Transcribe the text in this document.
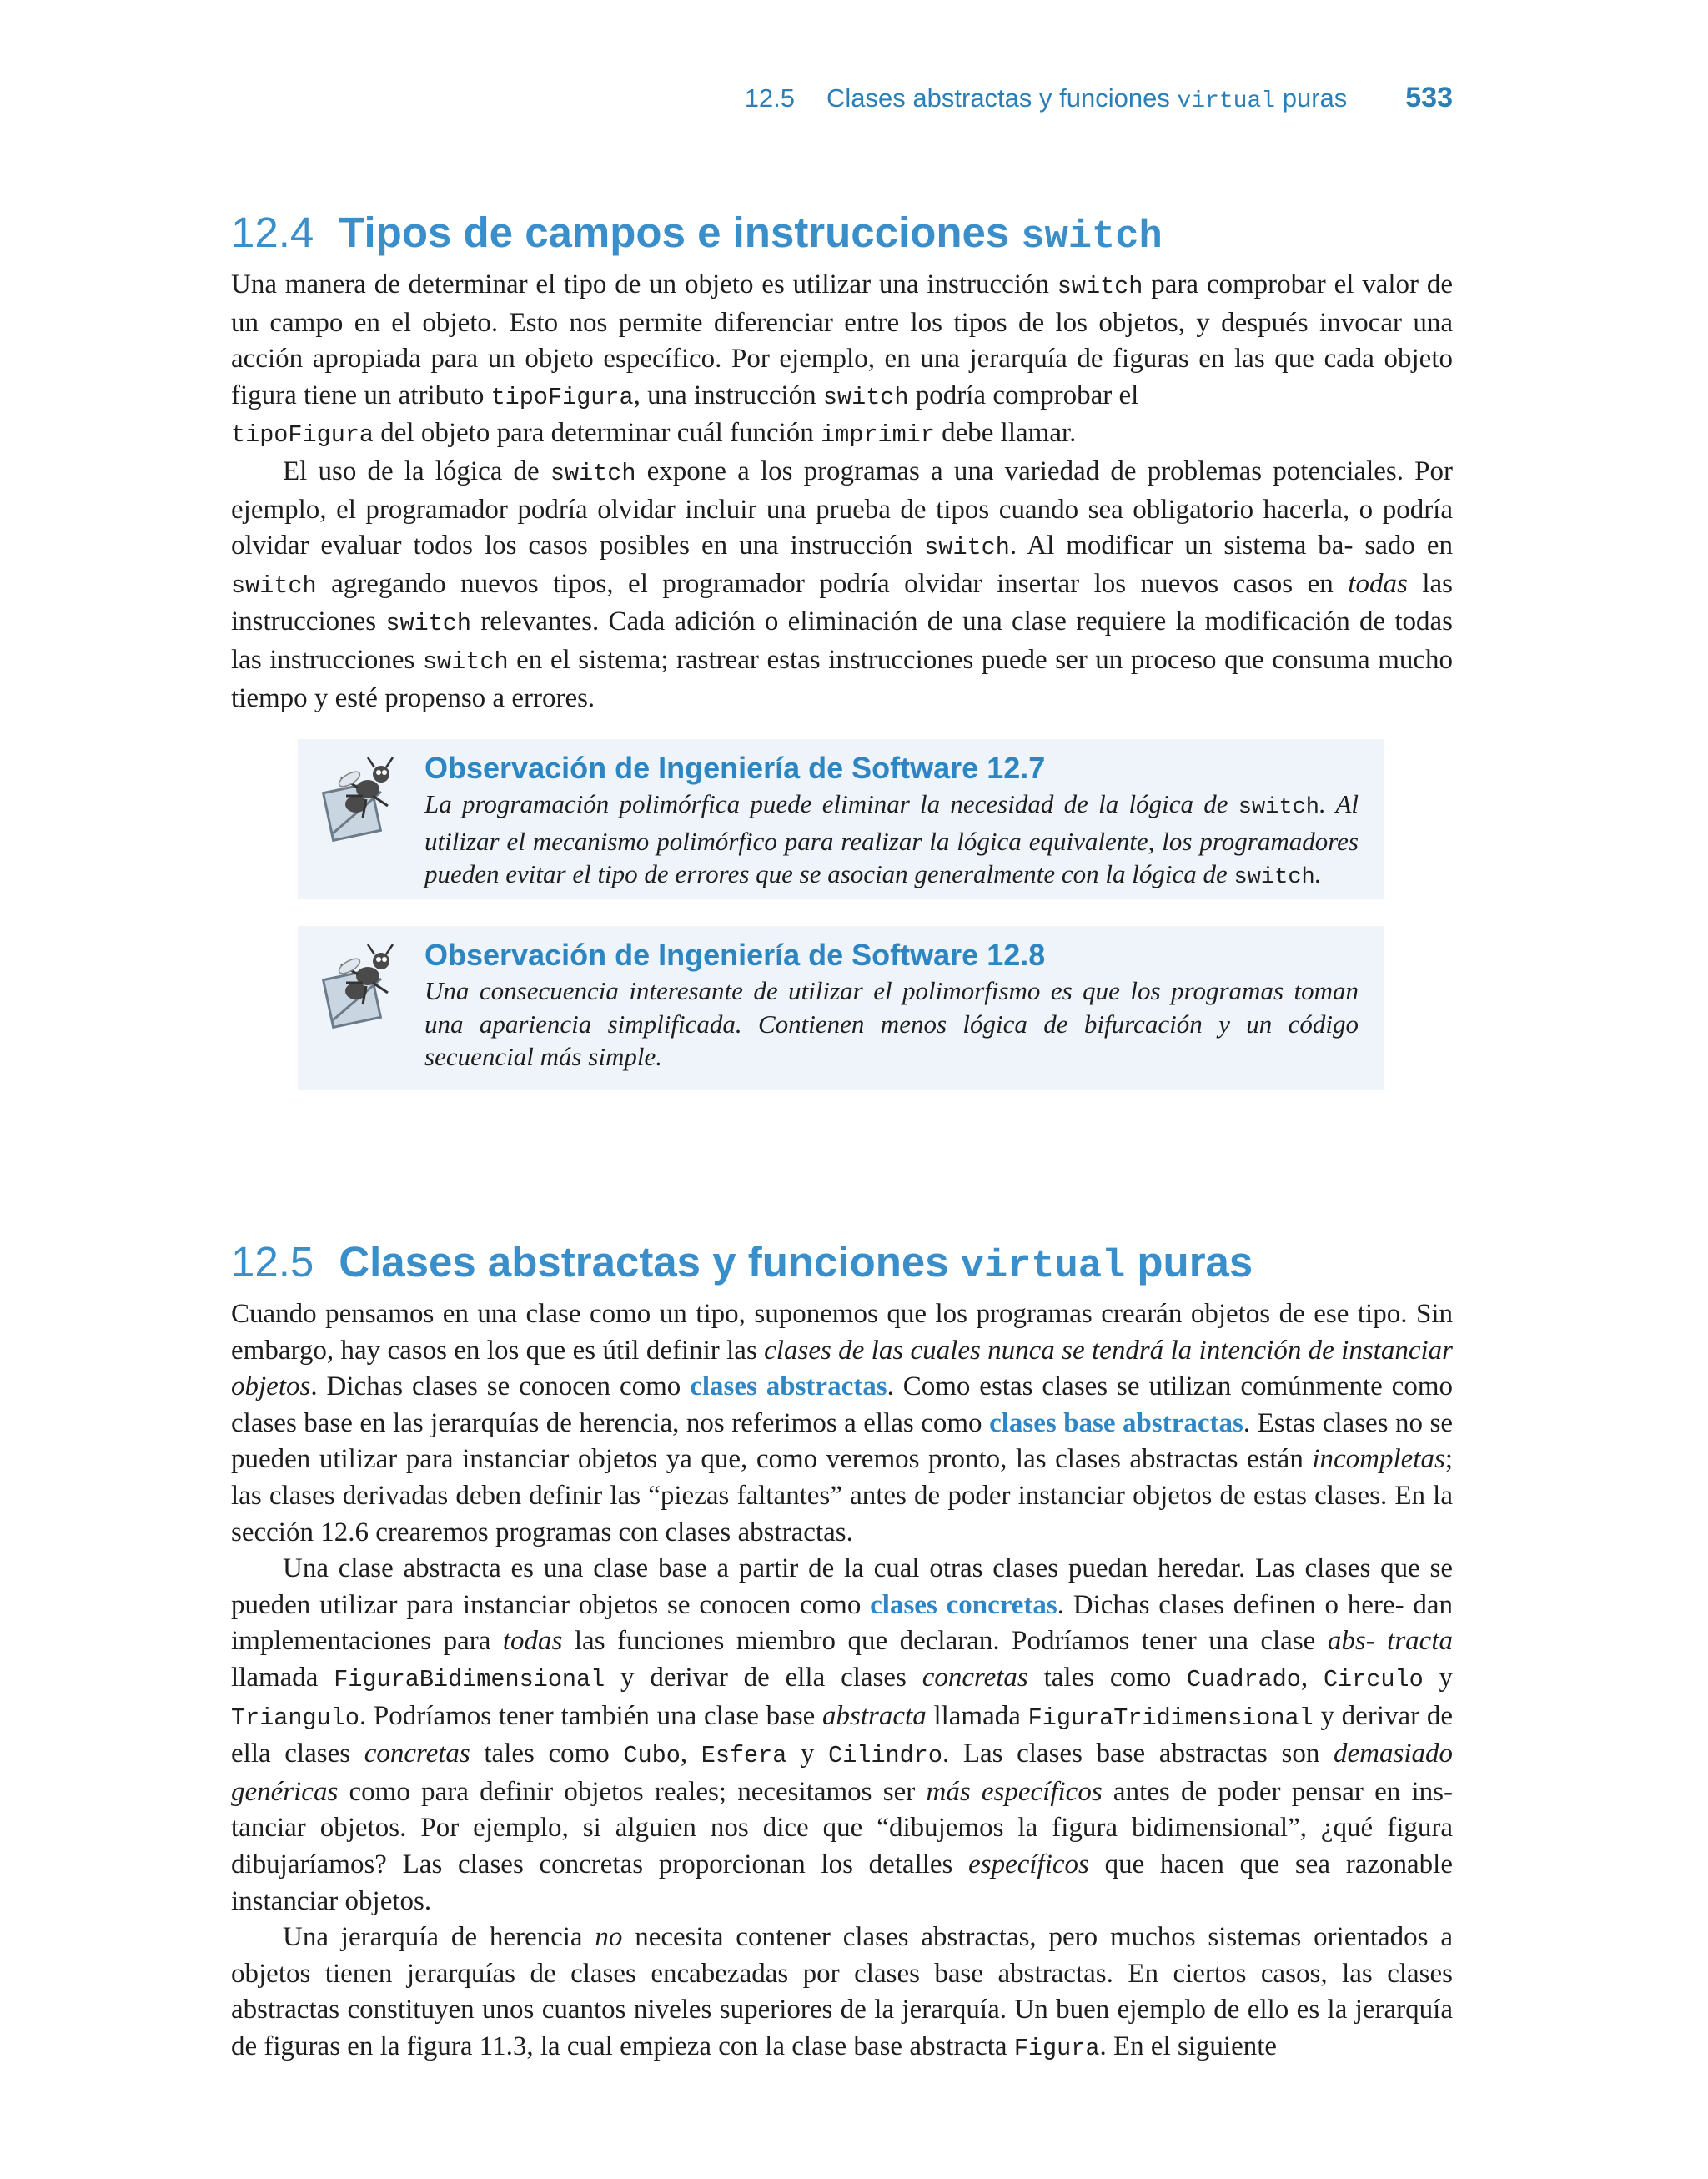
12.5 Clases abstractas y funciones virtual puras 533
12.4 Tipos de campos e instrucciones switch

Una manera de determinar el tipo de un objeto es utilizar una instrucción switch para comprobar el valor de un campo en el objeto. Esto nos permite diferenciar entre los tipos de los objetos, y después invocar una acción apropiada para un objeto específico. Por ejemplo, en una jerarquía de figuras en las que cada objeto figura tiene un atributo tipoFigura, una instrucción switch podría comprobar el
tipoFigura del objeto para determinar cuál función imprimir debe llamar.

El uso de la lógica de switch expone a los programas a una variedad de problemas potenciales. Por ejemplo, el programador podría olvidar incluir una prueba de tipos cuando sea obligatorio hacerla, o podría olvidar evaluar todos los casos posibles en una instrucción switch. Al modificar un sistema ba- sado en switch agregando nuevos tipos, el programador podría olvidar insertar los nuevos casos en todas las instrucciones switch relevantes. Cada adición o eliminación de una clase requiere la modificación de todas las instrucciones switch en el sistema; rastrear estas instrucciones puede ser un proceso que consuma mucho tiempo y esté propenso a errores.

Observación de Ingeniería de Software 12.7

La programación polimórfica puede eliminar la necesidad de la lógica de switch. Al utilizar el mecanismo polimórfico para realizar la lógica equivalente, los programadores pueden evitar el tipo de errores que se asocian generalmente con la lógica de switch.

Observación de Ingeniería de Software 12.8

Una consecuencia interesante de utilizar el polimorfismo es que los programas toman una apariencia simplificada. Contienen menos lógica de bifurcación y un código secuencial más simple.

12.5 Clases abstractas y funciones virtual puras

Cuando pensamos en una clase como un tipo, suponemos que los programas crearán objetos de ese tipo. Sin embargo, hay casos en los que es útil definir las clases de las cuales nunca se tendrá la intención de instanciar objetos. Dichas clases se conocen como clases abstractas. Como estas clases se utilizan comúnmente como clases base en las jerarquías de herencia, nos referimos a ellas como clases base abstractas. Estas clases no se pueden utilizar para instanciar objetos ya que, como veremos pronto, las clases abstractas están incompletas; las clases derivadas deben definir las “piezas faltantes” antes de poder instanciar objetos de estas clases. En la sección 12.6 crearemos programas con clases abstractas.

Una clase abstracta es una clase base a partir de la cual otras clases puedan heredar. Las clases que se pueden utilizar para instanciar objetos se conocen como clases concretas. Dichas clases definen o here- dan implementaciones para todas las funciones miembro que declaran. Podríamos tener una clase abs- tracta llamada FiguraBidimensional y derivar de ella clases concretas tales como Cuadrado, Circulo y Triangulo. Podríamos tener también una clase base abstracta llamada FiguraTridimensional y derivar de ella clases concretas tales como Cubo, Esfera y Cilindro. Las clases base abstractas son demasiado genéricas como para definir objetos reales; necesitamos ser más específicos antes de poder pensar en ins- tanciar objetos. Por ejemplo, si alguien nos dice que “dibujemos la figura bidimensional”, ¿qué figura dibujaríamos? Las clases concretas proporcionan los detalles específicos que hacen que sea razonable instanciar objetos.

Una jerarquía de herencia no necesita contener clases abstractas, pero muchos sistemas orientados a objetos tienen jerarquías de clases encabezadas por clases base abstractas. En ciertos casos, las clases abstractas constituyen unos cuantos niveles superiores de la jerarquía. Un buen ejemplo de ello es la jerarquía de figuras en la figura 11.3, la cual empieza con la clase base abstracta Figura. En el siguiente
